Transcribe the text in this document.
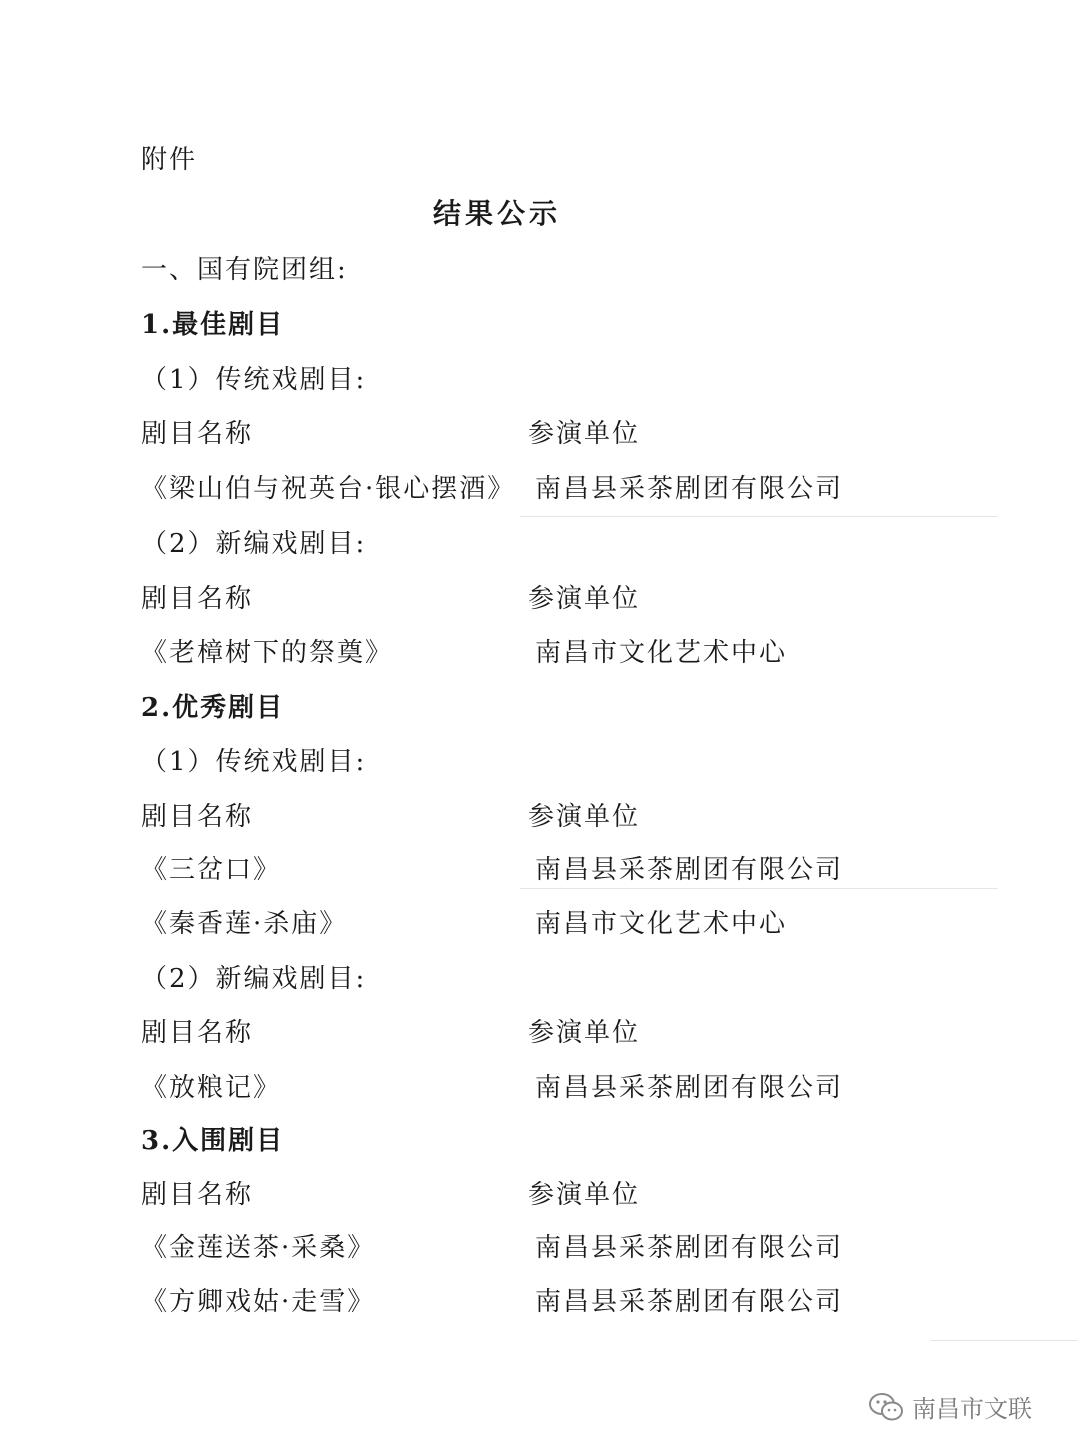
附件
结果公示
一、国有院团组:
1.最佳剧目
（1）传统戏剧目:
剧目名称	参演单位
《梁山伯与祝英台·银心摆酒》 南昌县采茶剧团有限公司
（2）新编戏剧目:
剧目名称	参演单位
《老樟树下的祭奠》	南昌市文化艺术中心
2.优秀剧目
（1）传统戏剧目:
剧目名称	参演单位
《三岔口》	南昌县采茶剧团有限公司
《秦香莲·杀庙》	南昌市文化艺术中心
（2）新编戏剧目:
剧目名称	参演单位
《放粮记》	南昌县采茶剧团有限公司
3.入围剧目
剧目名称	参演单位
《金莲送茶·采桑》	南昌县采茶剧团有限公司
《方卿戏姑·走雪》	南昌县采茶剧团有限公司
南昌市文联
